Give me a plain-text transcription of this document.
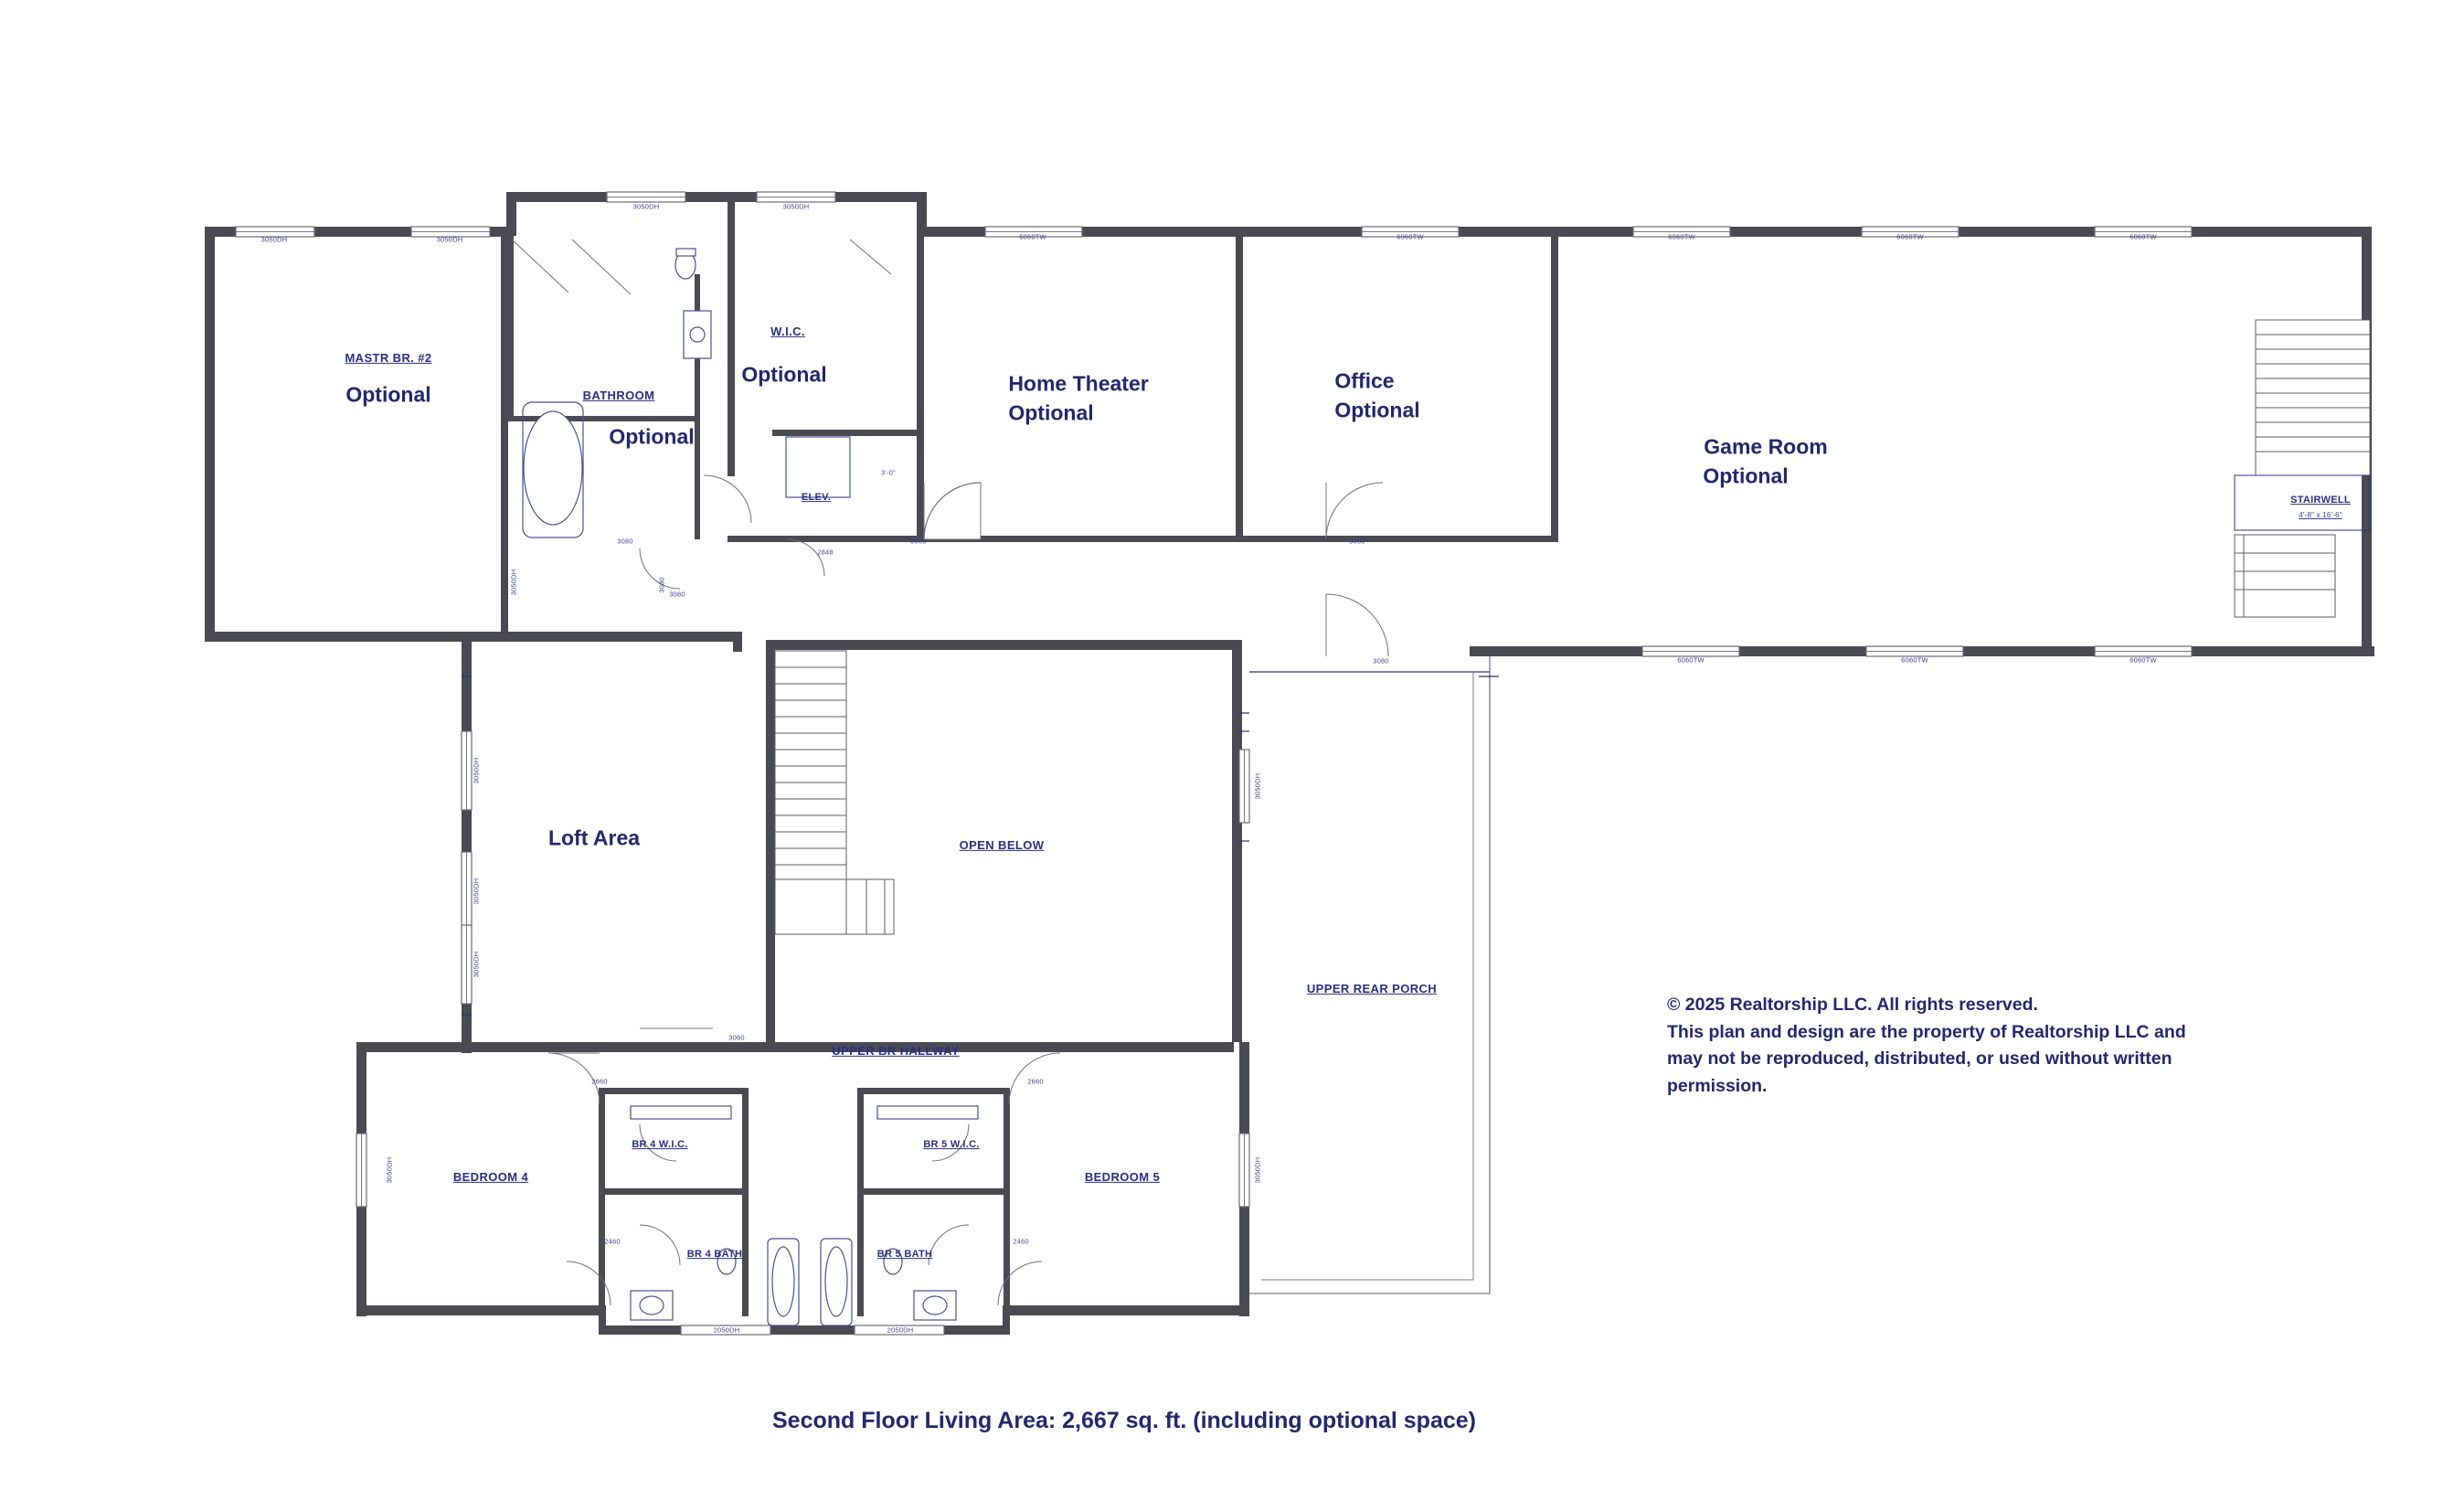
Optional
Optional
Optional	Home Theater
Optional
Office
Optional
Game Room
Optional
Loft Area
MASTR BR. #2
BATHROOM
W.I.C.
ELEV.
OPEN BELOW
UPPER REAR PORCH
UPPER BR HALLWAY
BEDROOM 4	BEDROOM 5
BR 4 W.I.C.	BR 5 W.I.C.
BR 4 BATH	BR 5 BATH
STAIRWELL
4'-8" x 16'-6"
3050DH	3050DH
3050DH	3050DH
6060TW	6060TW	6060TW	6060TW	6060TW
6060TW	6060TW	6060TW
3080	3080
3080
3080
3080
2848
3'-0"
3060
2660	2660
2460	2460
2050DH	2050DH
3050DH
3050DH
3050DH
3050DH
3050DH
3050DH
3050DH	3080
© 2025 Realtorship LLC. All rights reserved.
This plan and design are the property of Realtorship LLC and
may not be reproduced, distributed, or used without written
permission.
Second Floor Living Area: 2,667 sq. ft. (including optional space)
